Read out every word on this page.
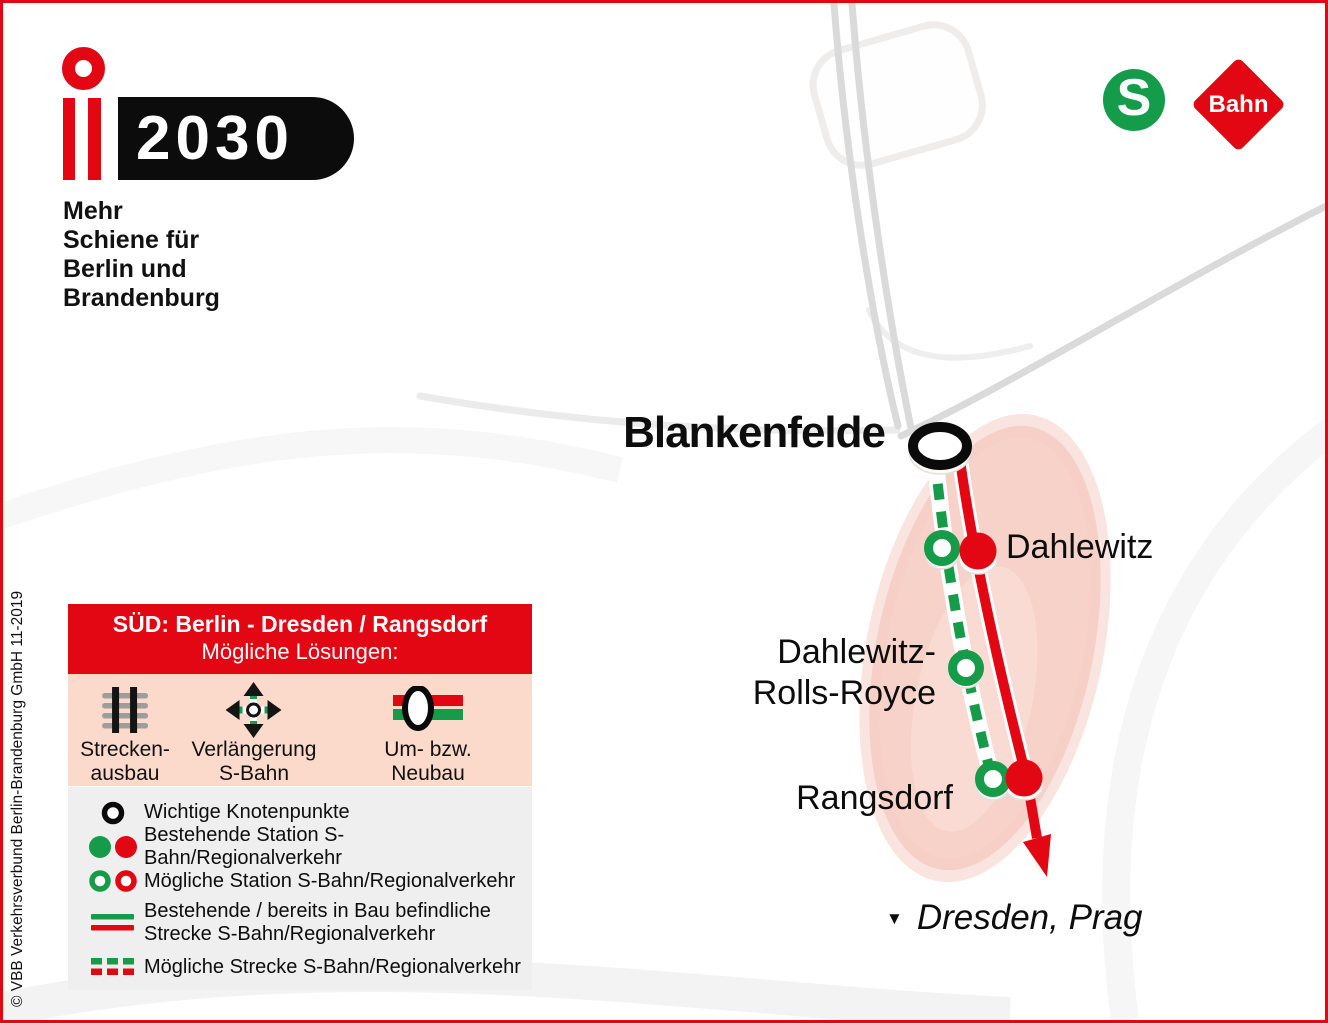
2030
Mehr Schiene für
Berlin und Brandenburg
S Bahn
Blankenfelde
Dahlewitz
Dahlewitz-
Rolls-Royce
Rangsdorf
▼ Dresden, Prag
SÜD: Berlin - Dresden / Rangsdorf
Mögliche Lösungen:
Strecken-
ausbau
Verlängerung
S-Bahn
Um- bzw. Neubau
Wichtige Knotenpunkte
Bestehende Station S-Bahn/Regionalverkehr
Mögliche Station S-Bahn/Regionalverkehr
Bestehende / bereits in Bau befindliche
Strecke S-Bahn/Regionalverkehr
Mögliche Strecke S-Bahn/Regionalverkehr
© VBB Verkehrsverbund Berlin-Brandenburg GmbH 11-2019
